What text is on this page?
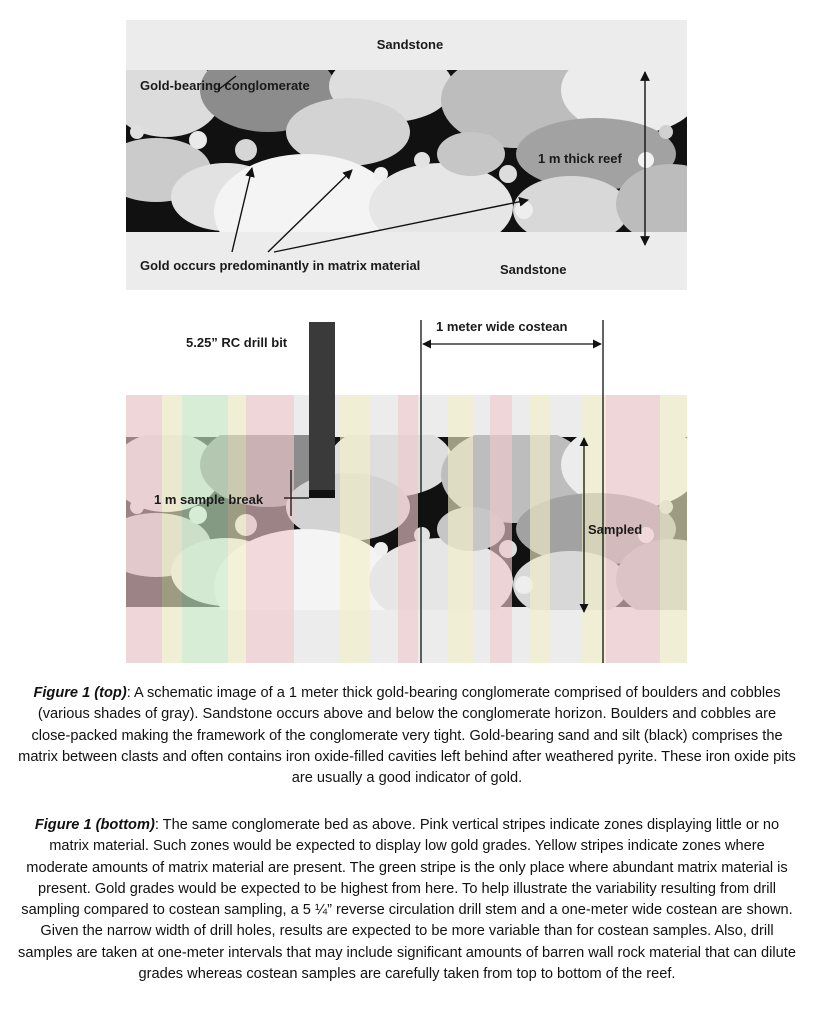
Sandstone
Gold-bearing conglomerate
1 m thick reef
Gold occurs predominantly in matrix material	Sandstone
5.25” RC drill bit
1 meter wide costean
1 m sample break
Sampled
Figure 1 (top): A schematic image of a 1 meter thick gold-bearing conglomerate comprised of boulders and cobbles (various shades of gray). Sandstone occurs above and below the conglomerate horizon. Boulders and cobbles are close-packed making the framework of the conglomerate very tight. Gold-bearing sand and silt (black) comprises the matrix between clasts and often contains iron oxide-filled cavities left behind after weathered pyrite. These iron oxide pits are usually a good indicator of gold.
Figure 1 (bottom): The same conglomerate bed as above. Pink vertical stripes indicate zones displaying little or no matrix material. Such zones would be expected to display low gold grades. Yellow stripes indicate zones where moderate amounts of matrix material are present. The green stripe is the only place where abundant matrix material is present. Gold grades would be expected to be highest from here. To help illustrate the variability resulting from drill sampling compared to costean sampling, a 5 ¼” reverse circulation drill stem and a one-meter wide costean are shown. Given the narrow width of drill holes, results are expected to be more variable than for costean samples. Also, drill samples are taken at one-meter intervals that may include significant amounts of barren wall rock material that can dilute grades whereas costean samples are carefully taken from top to bottom of the reef.
